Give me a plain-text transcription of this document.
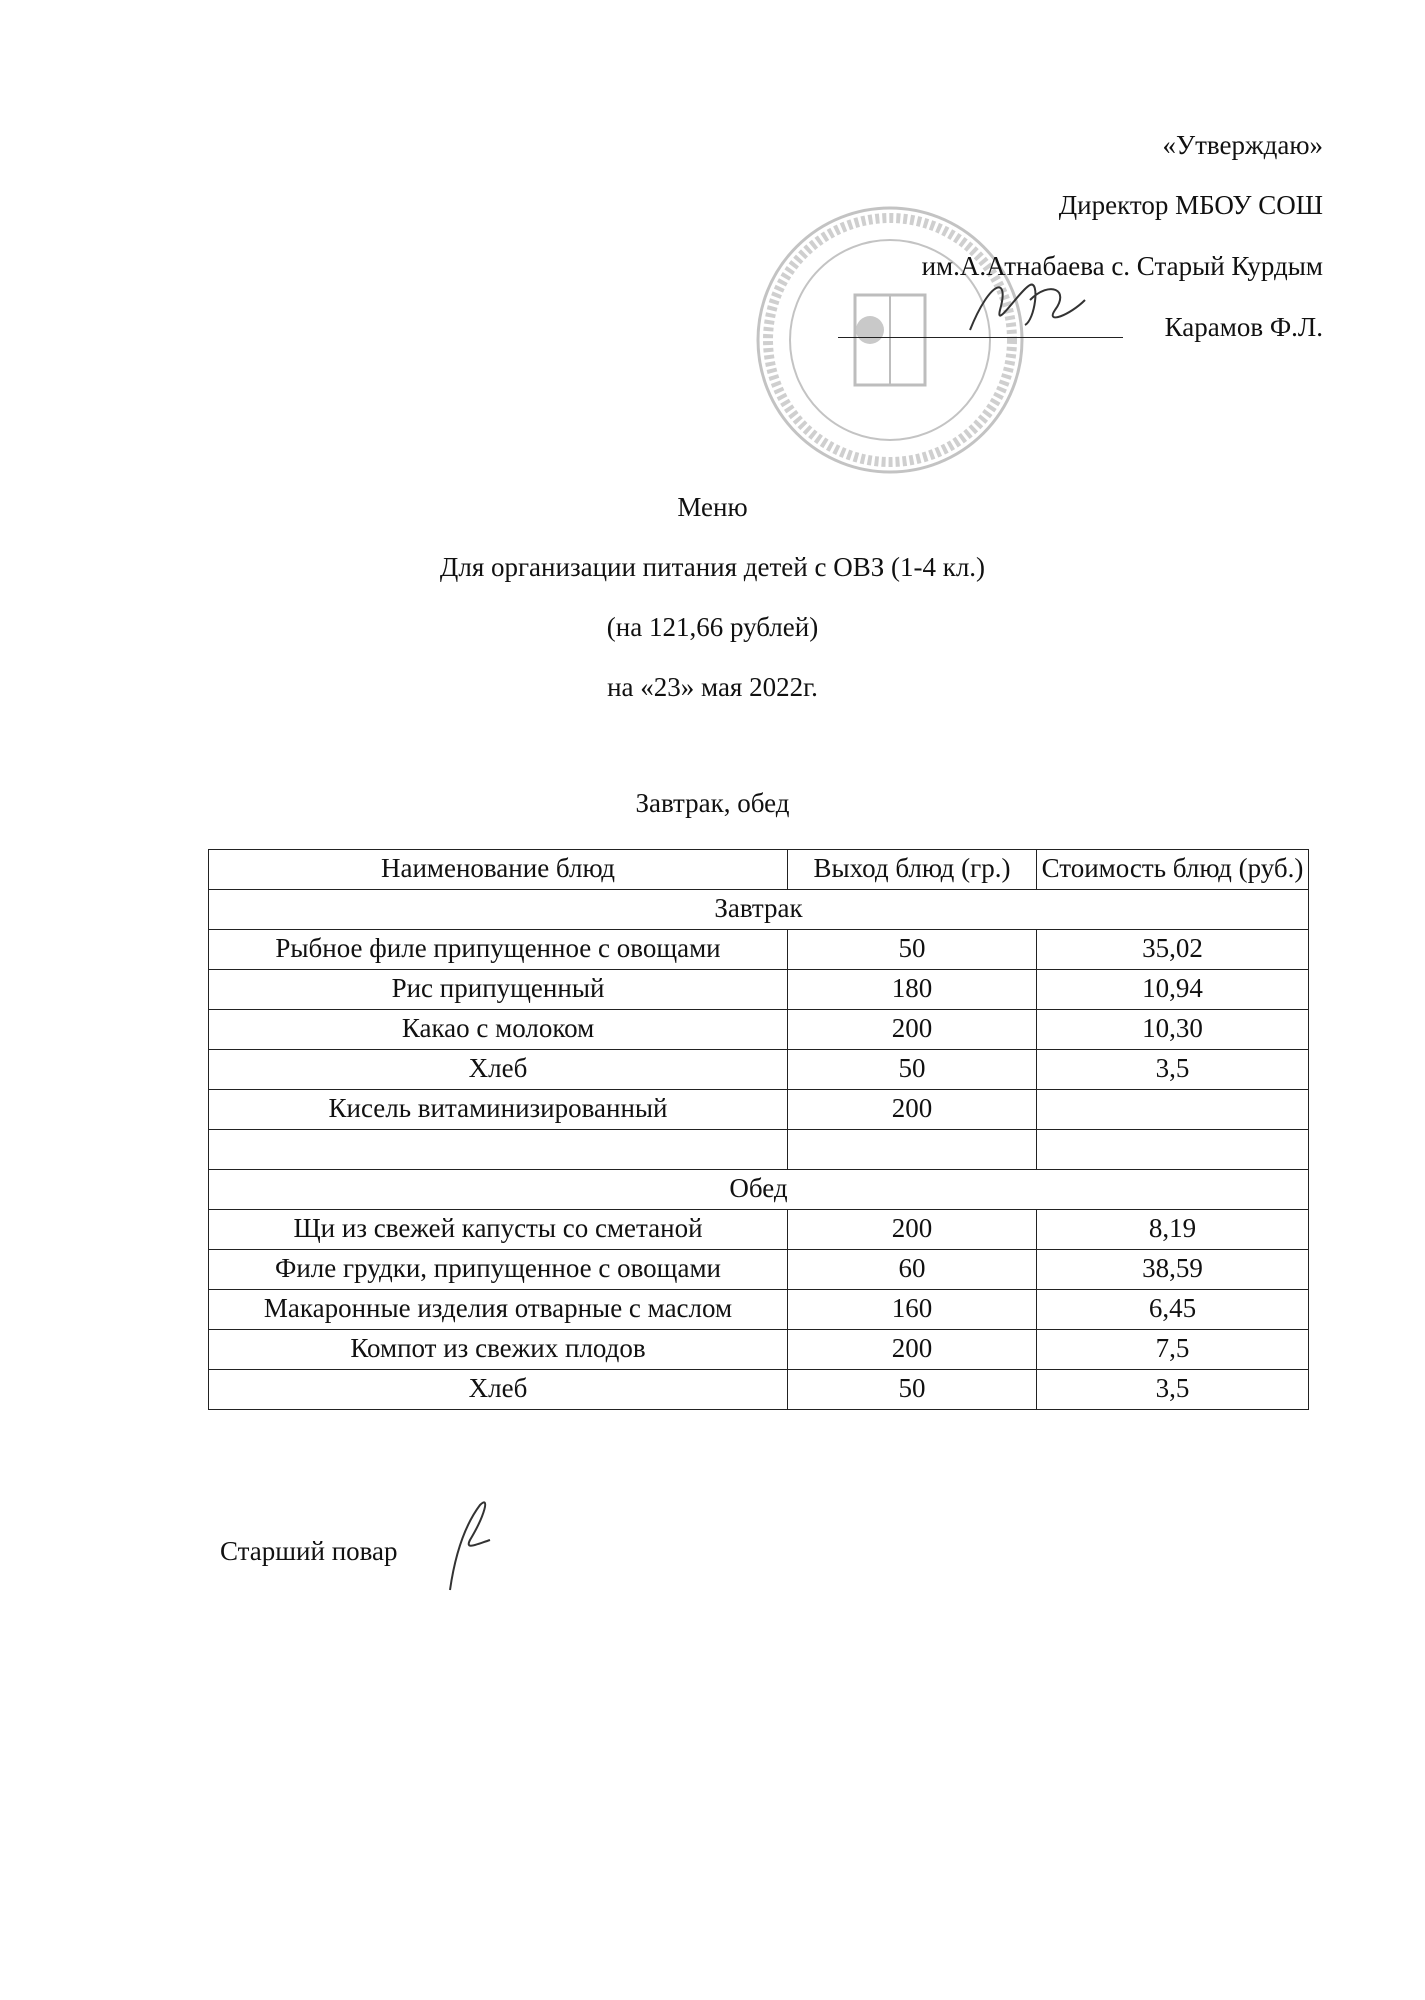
«Утверждаю»
Директор МБОУ СОШ
им.А.Атнабаева с. Старый Курдым
Карамов Ф.Л.
Меню
Для организации питания детей с ОВЗ (1-4 кл.)
(на 121,66 рублей)
на «23» мая 2022г.
Завтрак, обед
Наименование блюд	Выход блюд (гр.)	Стоимость блюд (руб.)
Завтрак		
Рыбное филе припущенное с овощами	50	35,02
Рис припущенный	180	10,94
Какао с молоком	200	10,30
Хлеб	50	3,5
Кисель витаминизированный	200	

Обед		
Щи из свежей капусты со сметаной	200	8,19
Филе грудки, припущенное с овощами	60	38,59
Макаронные изделия отварные с маслом	160	6,45
Компот из свежих плодов	200	7,5
Хлеб	50	3,5
Старший повар
